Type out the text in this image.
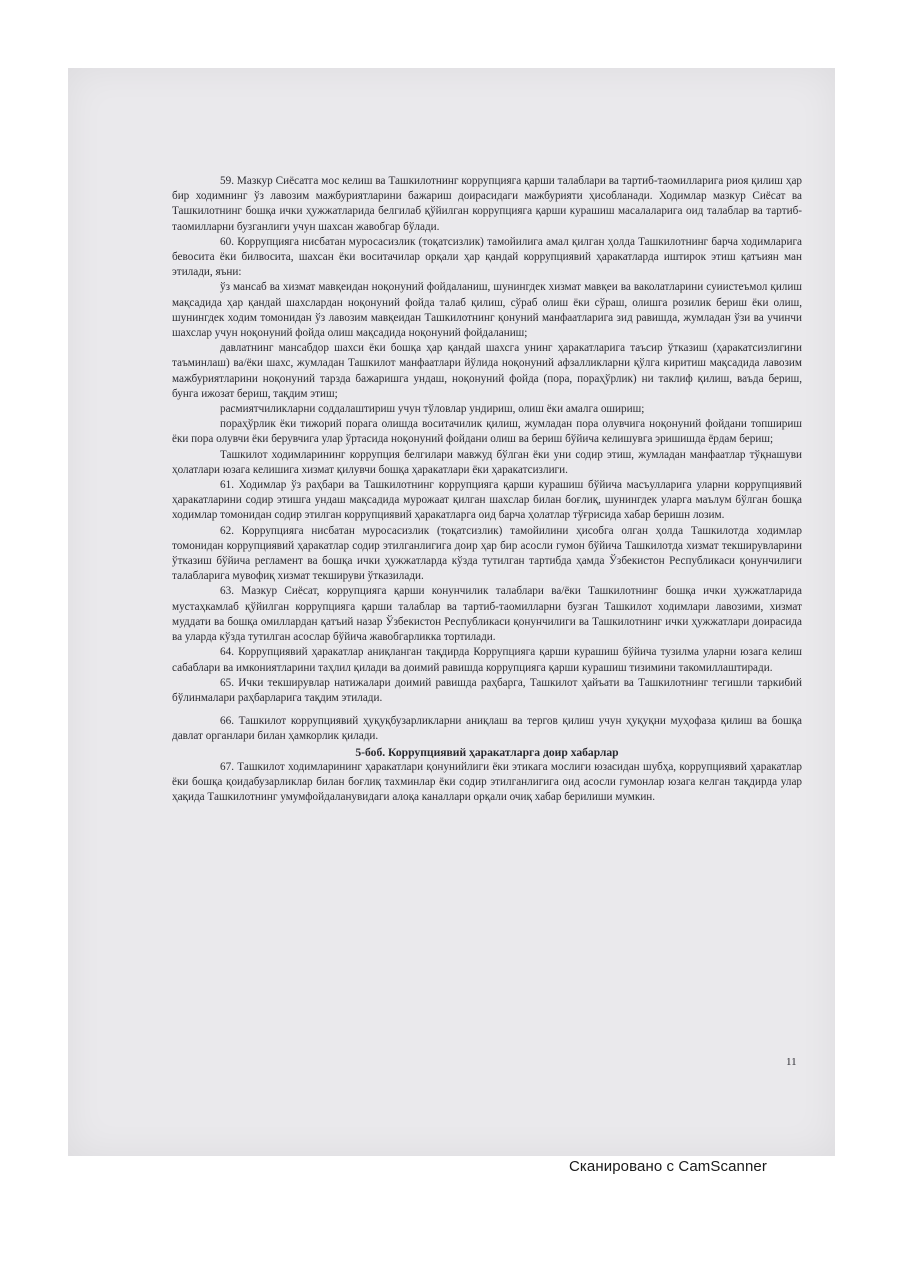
59. Мазкур Сиёсатга мос келиш ва Ташкилотнинг коррупцияга қарши талаблари ва тартиб-таомилларига риоя қилиш ҳар бир ходимнинг ўз лавозим мажбуриятларини бажариш доирасидаги мажбурияти ҳисобланади. Ходимлар мазкур Сиёсат ва Ташкилотнинг бошқа ички ҳужжатларида белгилаб қўйилган коррупцияга қарши курашиш масалаларига оид талаблар ва тартиб-таомилларни бузганлиги учун шахсан жавобгар бўлади.

60. Коррупцияга нисбатан муросасизлик (тоқатсизлик) тамойилига амал қилган ҳолда Ташкилотнинг барча ходимларига бевосита ёки билвосита, шахсан ёки воситачилар орқали ҳар қандай коррупциявий ҳаракатларда иштирок этиш қатъиян ман этилади, яъни:

ўз мансаб ва хизмат мавқеидан ноқонуний фойдаланиш, шунингдек хизмат мавқеи ва ваколатларини суиистеъмол қилиш мақсадида ҳар қандай шахслардан ноқонуний фойда талаб қилиш, сўраб олиш ёки сўраш, олишга розилик бериш ёки олиш, шунингдек ходим томонидан ўз лавозим мавқеидан Ташкилотнинг қонуний манфаатларига зид равишда, жумладан ўзи ва учинчи шахслар учун ноқонуний фойда олиш мақсадида ноқонуний фойдаланиш;

давлатнинг мансабдор шахси ёки бошқа ҳар қандай шахсга унинг ҳаракатларига таъсир ўтказиш (ҳаракатсизлигини таъминлаш) ва/ёки шахс, жумладан Ташкилот манфаатлари йўлида ноқонуний афзалликларни қўлга киритиш мақсадида лавозим мажбуриятларини ноқонуний тарзда бажаришга ундаш, ноқонуний фойда (пора, пораҳўрлик) ни таклиф қилиш, ваъда бериш, бунга ижозат бериш, тақдим этиш;

расмиятчиликларни соддалаштириш учун тўловлар ундириш, олиш ёки амалга ошириш;

пораҳўрлик ёки тижорий порага олишда воситачилик қилиш, жумладан пора олувчига ноқонуний фойдани топшириш ёки пора олувчи ёки берувчига улар ўртасида ноқонуний фойдани олиш ва бериш бўйича келишувга эришишда ёрдам бериш;

Ташкилот ходимларининг коррупция белгилари мавжуд бўлган ёки уни содир этиш, жумладан манфаатлар тўқнашуви ҳолатлари юзага келишига хизмат қилувчи бошқа ҳаракатлари ёки ҳаракатсизлиги.

61. Ходимлар ўз раҳбари ва Ташкилотнинг коррупцияга қарши курашиш бўйича масъулларига уларни коррупциявий ҳаракатларини содир этишга ундаш мақсадида мурожаат қилган шахслар билан боғлиқ, шунингдек уларга маълум бўлган бошқа ходимлар томонидан содир этилган коррупциявий ҳаракатларга оид барча ҳолатлар тўғрисида хабар беришн лозим.

62. Коррупцияга нисбатан муросасизлик (тоқатсизлик) тамойилини ҳисобга олган ҳолда Ташкилотда ходимлар томонидан коррупциявий ҳаракатлар содир этилганлигига доир ҳар бир асосли гумон бўйича Ташкилотда хизмат текширувларини ўтказиш бўйича регламент ва бошқа ички ҳужжатларда кўзда тутилган тартибда ҳамда Ўзбекистон Республикаси қонунчилиги талабларига мувофиқ хизмат текшируви ўтказилади.

63. Мазкур Сиёсат, коррупцияга қарши конунчилик талаблари ва/ёки Ташкилотнинг бошқа ички ҳужжатларида мустаҳкамлаб қўйилган коррупцияга қарши талаблар ва тартиб-таомилларни бузган Ташкилот ходимлари лавозими, хизмат муддати ва бошқа омиллардан қатъий назар Ўзбекистон Республикаси қонунчилиги ва Ташкилотнинг ички ҳужжатлари доирасида ва уларда кўзда тутилган асослар бўйича жавобгарликка тортилади.

64. Коррупциявий ҳаракатлар аниқланган тақдирда Коррупцияга қарши курашиш бўйича тузилма уларни юзага келиш сабаблари ва имкониятларини таҳлил қилади ва доимий равишда коррупцияга қарши курашиш тизимини такомиллаштиради.

65. Ички текширувлар натижалари доимий равишда раҳбарга, Ташкилот ҳайъати ва Ташкилотнинг тегишли таркибий бўлинмалари раҳбарларига тақдим этилади.

66. Ташкилот коррупциявий ҳуқуқбузарликларни аниқлаш ва тергов қилиш учун ҳуқуқни муҳофаза қилиш ва бошқа давлат органлари билан ҳамкорлик қилади.

5-боб. Коррупциявий ҳаракатларга доир хабарлар

67. Ташкилот ходимларининг ҳаракатлари қонунийлиги ёки этикага мослиги юзасидан шубҳа, коррупциявий ҳаракатлар ёки бошқа қоидабузарликлар билан боғлиқ тахминлар ёки содир этилганлигига оид асосли гумонлар юзага келган тақдирда улар ҳақида Ташкилотнинг умумфойдаланувидаги алоқа каналлари орқали очиқ хабар берилиши мумкин.

11
Сканировано с CamScanner
